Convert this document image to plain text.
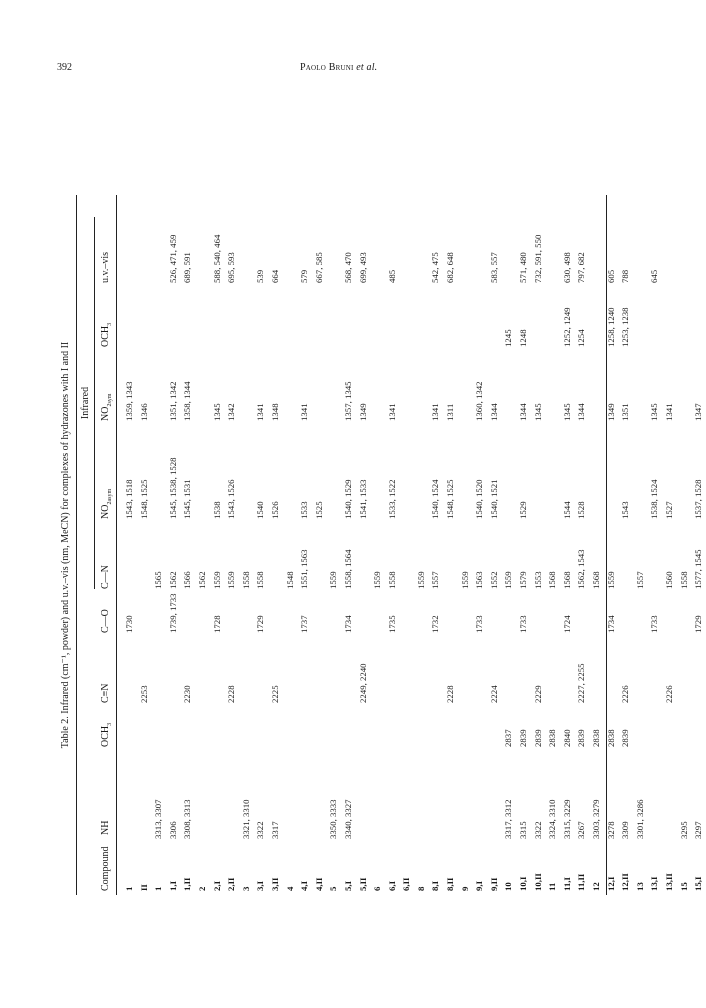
392	Paolo Bruni et al.
Table 2. Infrared (cm⁻¹, powder) and u.v.–vis (nm, MeCN) for complexes of hydrazones with I and II Infrared
Compound
NH
$OCH_3$
C≡N
C—O
C—N
$NO_{2asym}$
$NO_{2sym}$
$OCH_3$
u.v.–vis
1
1730
1543, 1518
1359, 1343
II
2253
1548, 1525
1346
1
3313, 3307
1565
1,I
3306
1739, 1733
1562
1545, 1538, 1528
1351, 1342
526, 471, 459
1,II
3308, 3313
2230
1566
1545, 1531
1358, 1344
689, 591
2
1562
2,I
1728
1559
1538
1345
588, 540, 464
2,II
2228
1559
1543, 1526
1342
695, 593
3
3321, 3310
1558
3,I
3322
1729
1558
1540
1341
539
3,II
3317
2225
1526
1348
664
4
1548
4,I
1737
1551, 1563
1533
1341
579
4,II
1525
667, 585
5
3350, 3333
1559
5,I
3340, 3327
1734
1558, 1564
1540, 1529
1357, 1345
568, 470
5,II
2249, 2240
1541, 1533
1349
699, 493
6
1559
6,I
1735
1558
1533, 1522
1341
485
6,II 8
1559
8,I
1732
1557
1540, 1524
1341
542, 475
8,II
2228
1548, 1525
1311
682, 648
9
1559
9,I
1733
1563
1540, 1520
1360, 1342
9,II
2224
1552
1540, 1521
1344
583, 557
10
3317, 3312
2837
1559
1245
10,I
3315
2839
1733
1579
1529
1344
1248
571, 480
10,II
3322
2839
2229
1553
1345
732, 591, 550
11
3324, 3310
2838
1568
11,I
3315, 3229
2840
1724
1568
1544
1345
1252, 1249
630, 498
11,II
3267
2839
2227, 2255
1562, 1543
1528
1344
1254
797, 682
12
3303, 3279
2838
1568
12,I
3278
2838
1734
1559
1349
1258, 1240
605
12,II
3309
2839
2226
1543
1351
1253, 1238
788
13
3301, 3286
1557
13,I
1733
1538, 1524
1345
645
13,II
2226
1560
1527
1341
15
3295
1558
15,I
3297
1729
1577, 1545
1537, 1528
1347
